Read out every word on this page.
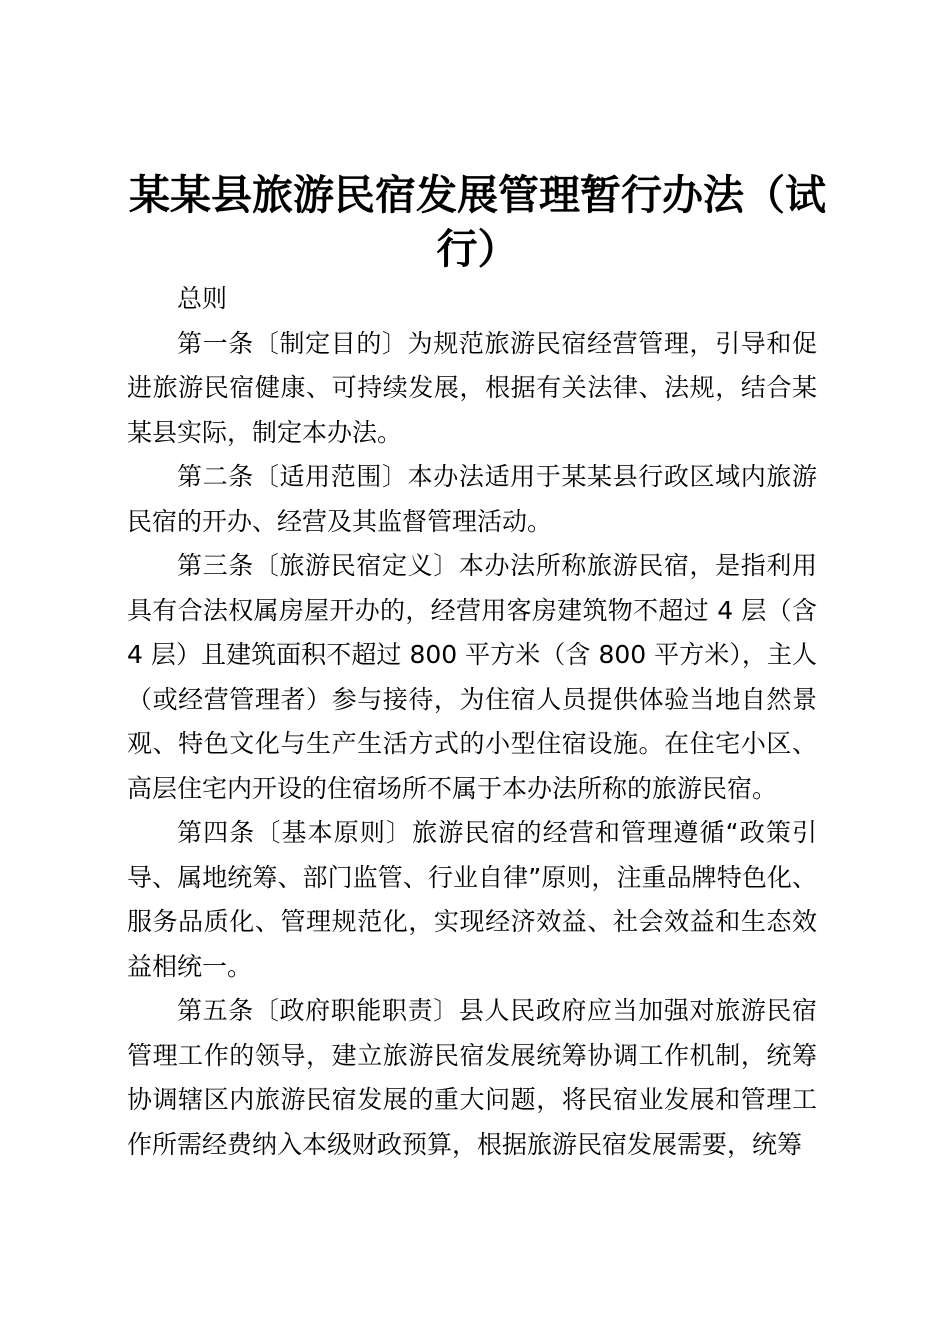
某某县旅游民宿发展管理暂行办法（试行）

总则

第一条〔制定目的〕为规范旅游民宿经营管理，引导和促进旅游民宿健康、可持续发展，根据有关法律、法规，结合某某县实际，制定本办法。

第二条〔适用范围〕本办法适用于某某县行政区域内旅游民宿的开办、经营及其监督管理活动。

第三条〔旅游民宿定义〕本办法所称旅游民宿，是指利用具有合法权属房屋开办的，经营用客房建筑物不超过 4 层（含 4 层）且建筑面积不超过 800 平方米（含 800 平方米），主人（或经营管理者）参与接待，为住宿人员提供体验当地自然景观、特色文化与生产生活方式的小型住宿设施。在住宅小区、高层住宅内开设的住宿场所不属于本办法所称的旅游民宿。

第四条〔基本原则〕旅游民宿的经营和管理遵循“政策引导、属地统筹、部门监管、行业自律”原则，注重品牌特色化、服务品质化、管理规范化，实现经济效益、社会效益和生态效益相统一。

第五条〔政府职能职责〕县人民政府应当加强对旅游民宿管理工作的领导，建立旅游民宿发展统筹协调工作机制，统筹协调辖区内旅游民宿发展的重大问题，将民宿业发展和管理工作所需经费纳入本级财政预算，根据旅游民宿发展需要，统筹
